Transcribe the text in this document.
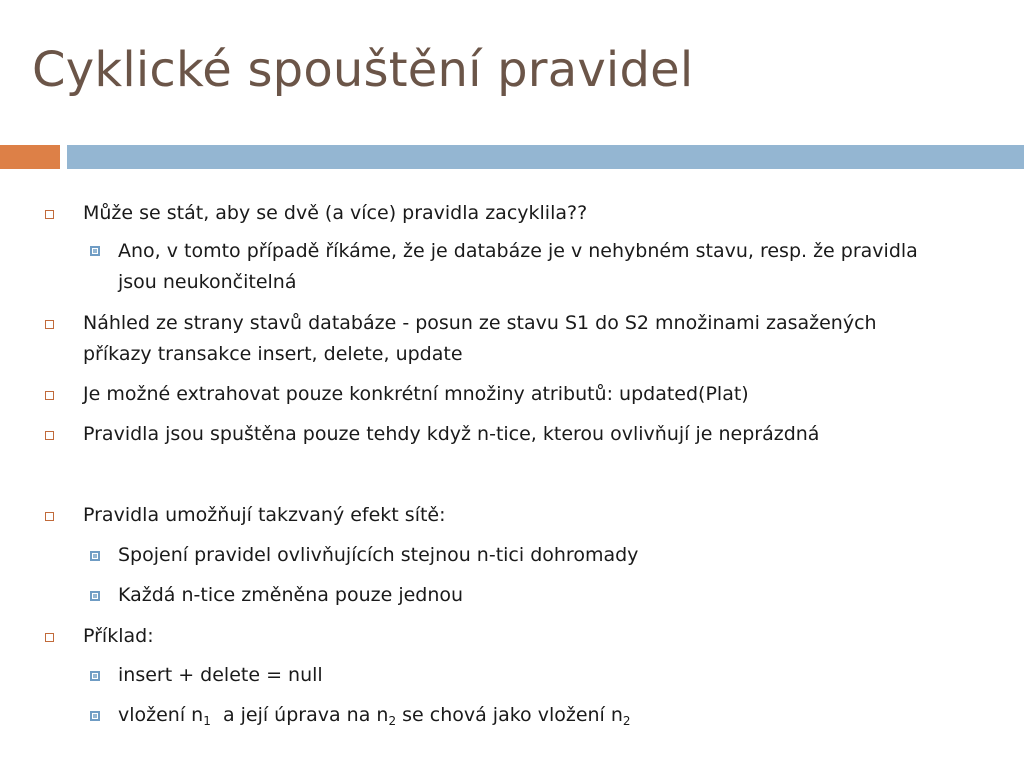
Cyklické spouštění pravidel
Může se stát, aby se dvě (a více) pravidla zacyklila??
Ano, v tomto případě říkáme, že je databáze je v nehybném stavu, resp. že pravidla
jsou neukončitelná
Náhled ze strany stavů databáze - posun ze stavu S1 do S2 množinami zasažených
příkazy transakce insert, delete, update
Je možné extrahovat pouze konkrétní množiny atributů: updated(Plat)
Pravidla jsou spuštěna pouze tehdy když n-tice, kterou ovlivňují je neprázdná
Pravidla umožňují takzvaný efekt sítě:
Spojení pravidel ovlivňujících stejnou n-tici dohromady
Každá n-tice změněna pouze jednou
Příklad:
insert + delete = null
vložení $n_1$  a její úprava na $n_2$ se chová jako vložení $n_2$
